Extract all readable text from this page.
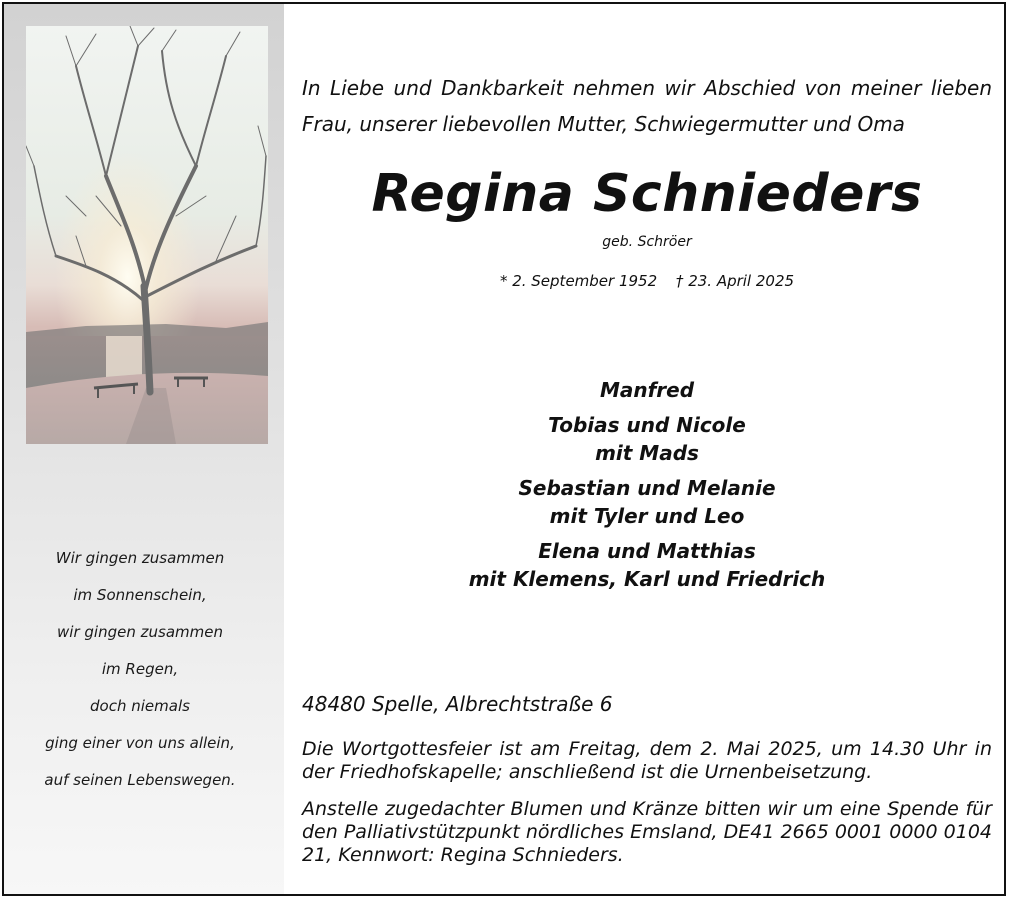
Wir gingen zusammen
im Sonnenschein,
wir gingen zusammen
im Regen,
doch niemals
ging einer von uns allein,
auf seinen Lebenswegen.
In Liebe und Dankbarkeit nehmen wir Abschied von meiner lieben Frau, unserer liebevollen Mutter, Schwiegermutter und Oma
Regina Schnieders
geb. Schröer
* 2. September 1952 † 23. April 2025
Manfred
Tobias und Nicole
mit Mads
Sebastian und Melanie
mit Tyler und Leo
Elena und Matthias
mit Klemens, Karl und Friedrich
48480 Spelle, Albrechtstraße 6
Die Wortgottesfeier ist am Freitag, dem 2. Mai 2025, um 14.30 Uhr in der Friedhofskapelle; anschließend ist die Urnenbeisetzung.
Anstelle zugedachter Blumen und Kränze bitten wir um eine Spende für den Palliativstützpunkt nördliches Emsland, DE41 2665 0001 0000 0104 21, Kennwort: Regina Schnieders.
